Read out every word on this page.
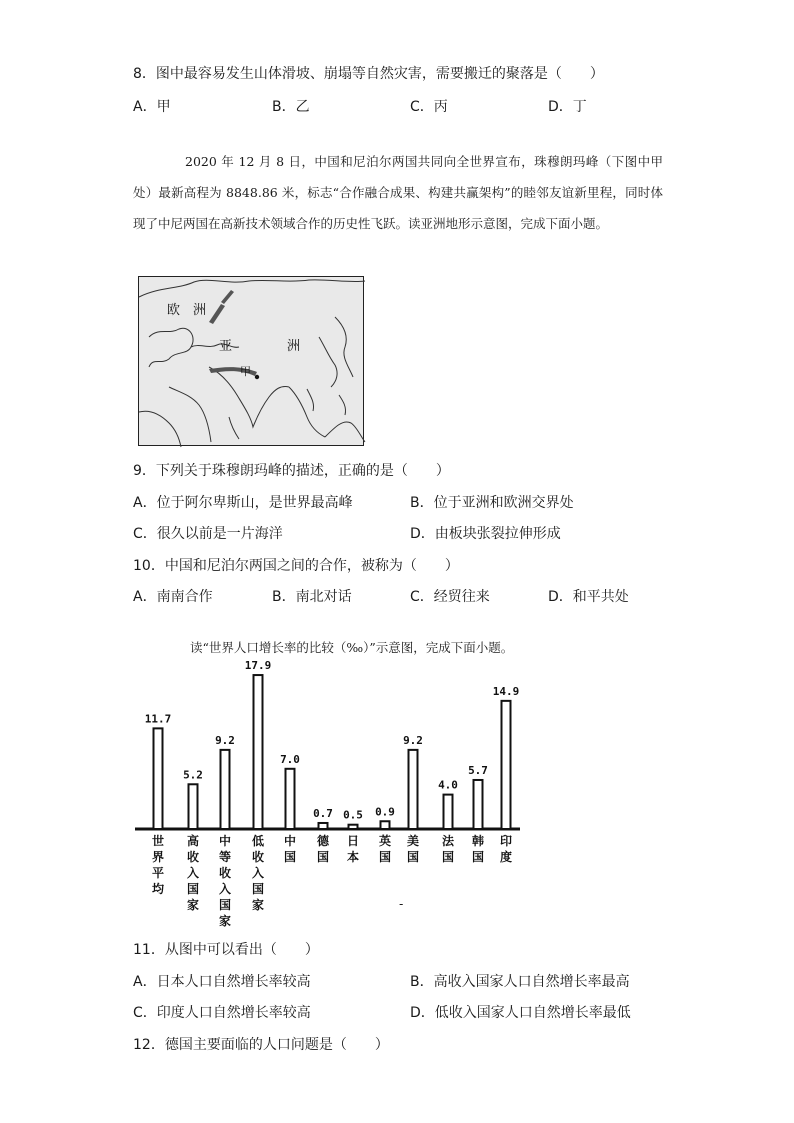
8．图中最容易发生山体滑坡、崩塌等自然灾害，需要搬迁的聚落是（　　）
A．甲	B．乙	C．丙	D．丁
2020 年 12 月 8 日，中国和尼泊尔两国共同向全世界宣布，珠穆朗玛峰（下图中甲处）最新高程为 8848.86 米，标志“合作融合成果、构建共赢架构”的睦邻友谊新里程，同时体现了中尼两国在高新技术领域合作的历史性飞跃。读亚洲地形示意图，完成下面小题。
欧　洲
亚	洲
甲
9．下列关于珠穆朗玛峰的描述，正确的是（　　）
A．位于阿尔卑斯山，是世界最高峰	B．位于亚洲和欧洲交界处
C．很久以前是一片海洋	D．由板块张裂拉伸形成
10．中国和尼泊尔两国之间的合作，被称为（　　）
A．南南合作	B．南北对话	C．经贸往来	D．和平共处
读“世界人口增长率的比较（‰）”示意图，完成下面小题。
11.7
世
界
平
均
5.2
高
收
入
国
家
9.2
中
等
收
入
国
家
17.9
低
收
入
国
家
7.0
中
国
0.7
德
国
0.5
日
本
0.9
英
国
9.2
美
国
4.0
法
国
5.7
韩
国
14.9
印
度
-
11．从图中可以看出（　　）
A．日本人口自然增长率较高	B．高收入国家人口自然增长率最高
C．印度人口自然增长率较高	D．低收入国家人口自然增长率最低
12．德国主要面临的人口问题是（　　）
